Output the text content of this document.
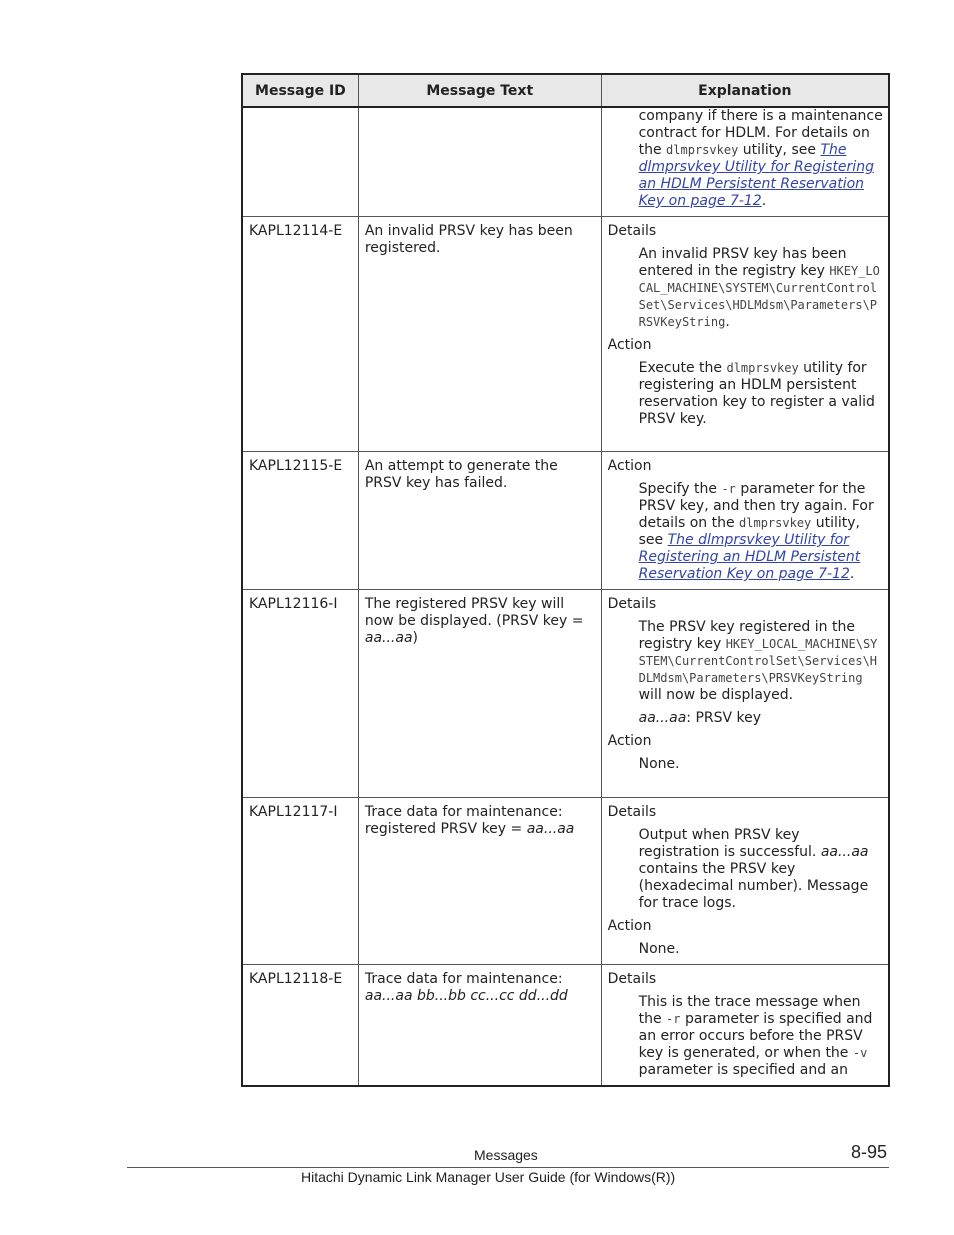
Message ID	Message Text	Explanation

		company if there is a maintenance contract for HDLM. For details on the dlmprsvkey utility, see The dlmprsvkey Utility for Registering an HDLM Persistent Reservation Key on page 7-12.

KAPL12114-E	An invalid PRSV key has been registered.	Details

An invalid PRSV key has been entered in the registry key HKEY_LOCAL_MACHINE\SYSTEM\CurrentControlSet\Services\HDLMdsm\Parameters\PRSVKeyString.

Action

Execute the dlmprsvkey utility for registering an HDLM persistent reservation key to register a valid PRSV key.

KAPL12115-E	An attempt to generate the PRSV key has failed.	Action

Specify the -r parameter for the PRSV key, and then try again. For details on the dlmprsvkey utility, see The dlmprsvkey Utility for Registering an HDLM Persistent Reservation Key on page 7-12.

KAPL12116-I	The registered PRSV key will now be displayed. (PRSV key = aa...aa)	Details

The PRSV key registered in the registry key HKEY_LOCAL_MACHINE\SYSTEM\CurrentControlSet\Services\HDLMdsm\Parameters\PRSVKeyString will now be displayed.

aa...aa: PRSV key

Action

None.

KAPL12117-I	Trace data for maintenance: registered PRSV key = aa...aa	Details

Output when PRSV key registration is successful. aa...aa contains the PRSV key (hexadecimal number). Message for trace logs.

Action

None.

KAPL12118-E	Trace data for maintenance: aa...aa bb...bb cc...cc dd...dd	Details

This is the trace message when the -r parameter is specified and an error occurs before the PRSV key is generated, or when the -v parameter is specified and an

Messages	8-95
Hitachi Dynamic Link Manager User Guide (for Windows(R))
